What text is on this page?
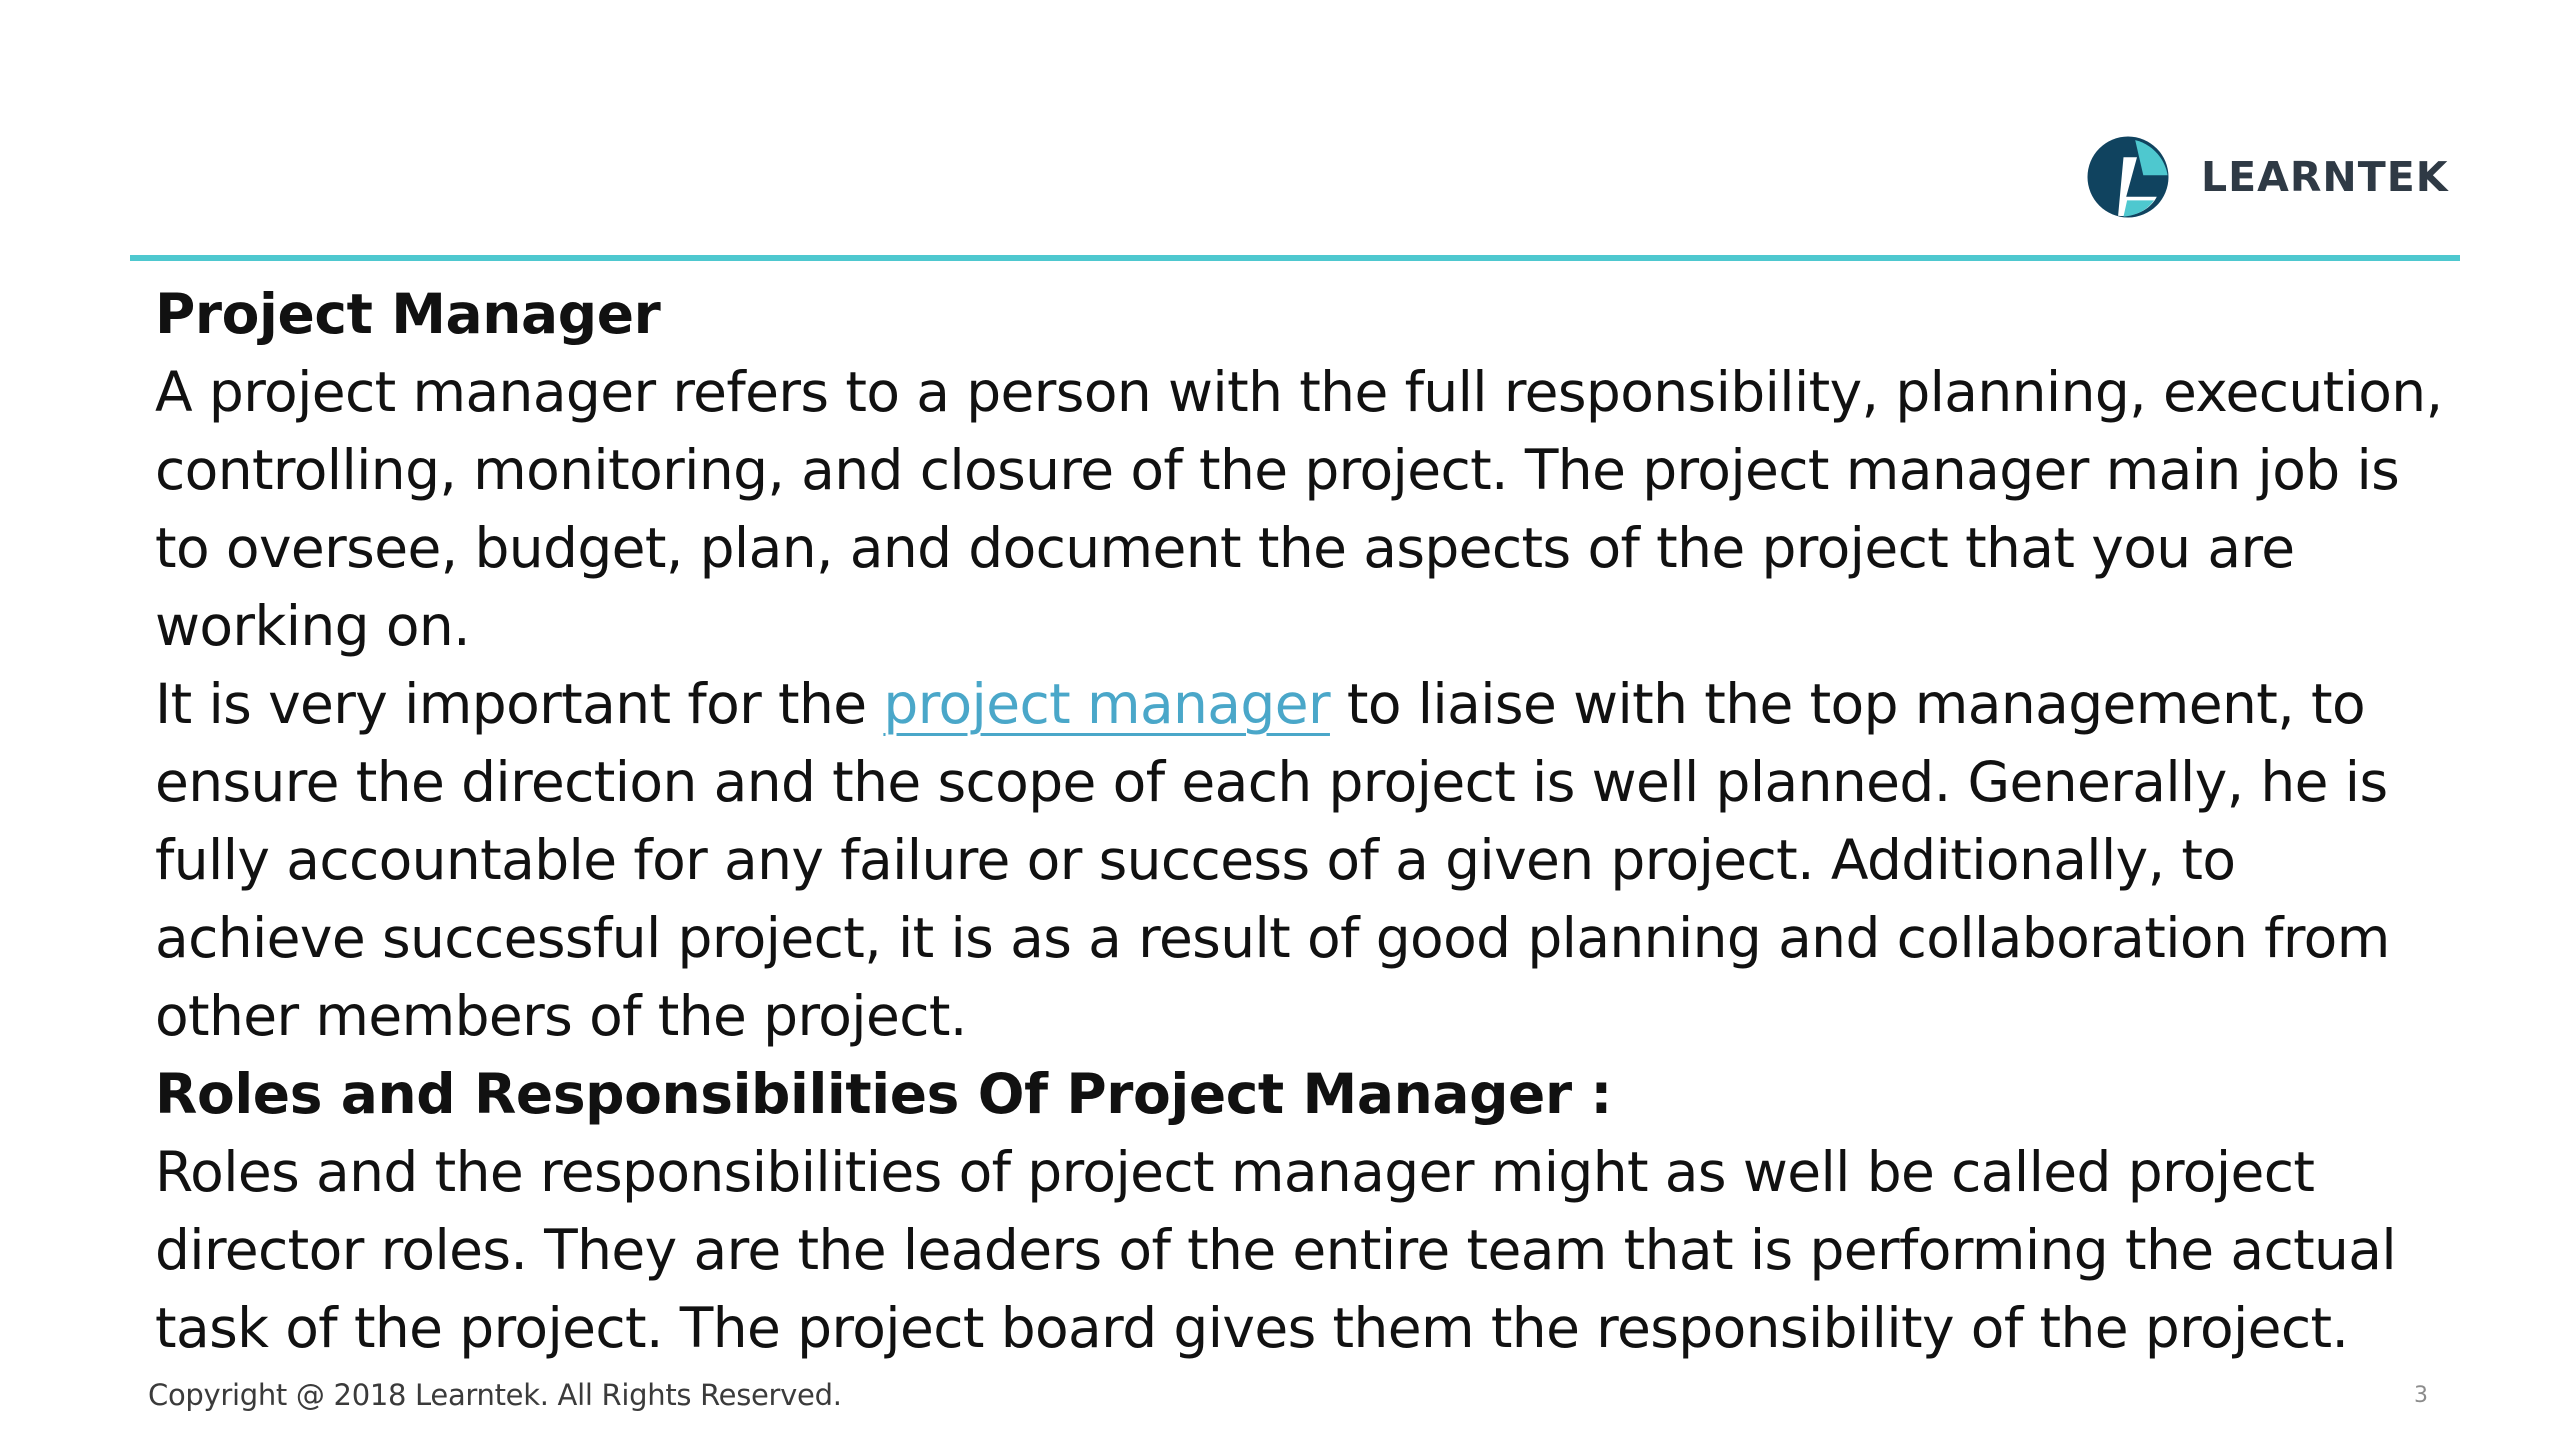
LEARNTEK
Project Manager

A project manager refers to a person with the full responsibility, planning, execution, controlling, monitoring, and closure of the project. The project manager main job is to oversee, budget, plan, and document the aspects of the project that you are working on.

It is very important for the project manager to liaise with the top management, to ensure the direction and the scope of each project is well planned. Generally, he is fully accountable for any failure or success of a given project. Additionally, to achieve successful project, it is as a result of good planning and collaboration from other members of the project.

Roles and Responsibilities Of Project Manager :

Roles and the responsibilities of project manager might as well be called project director roles. They are the leaders of the entire team that is performing the actual task of the project. The project board gives them the responsibility of the project.

Copyright @ 2018 Learntek. All Rights Reserved.	3
